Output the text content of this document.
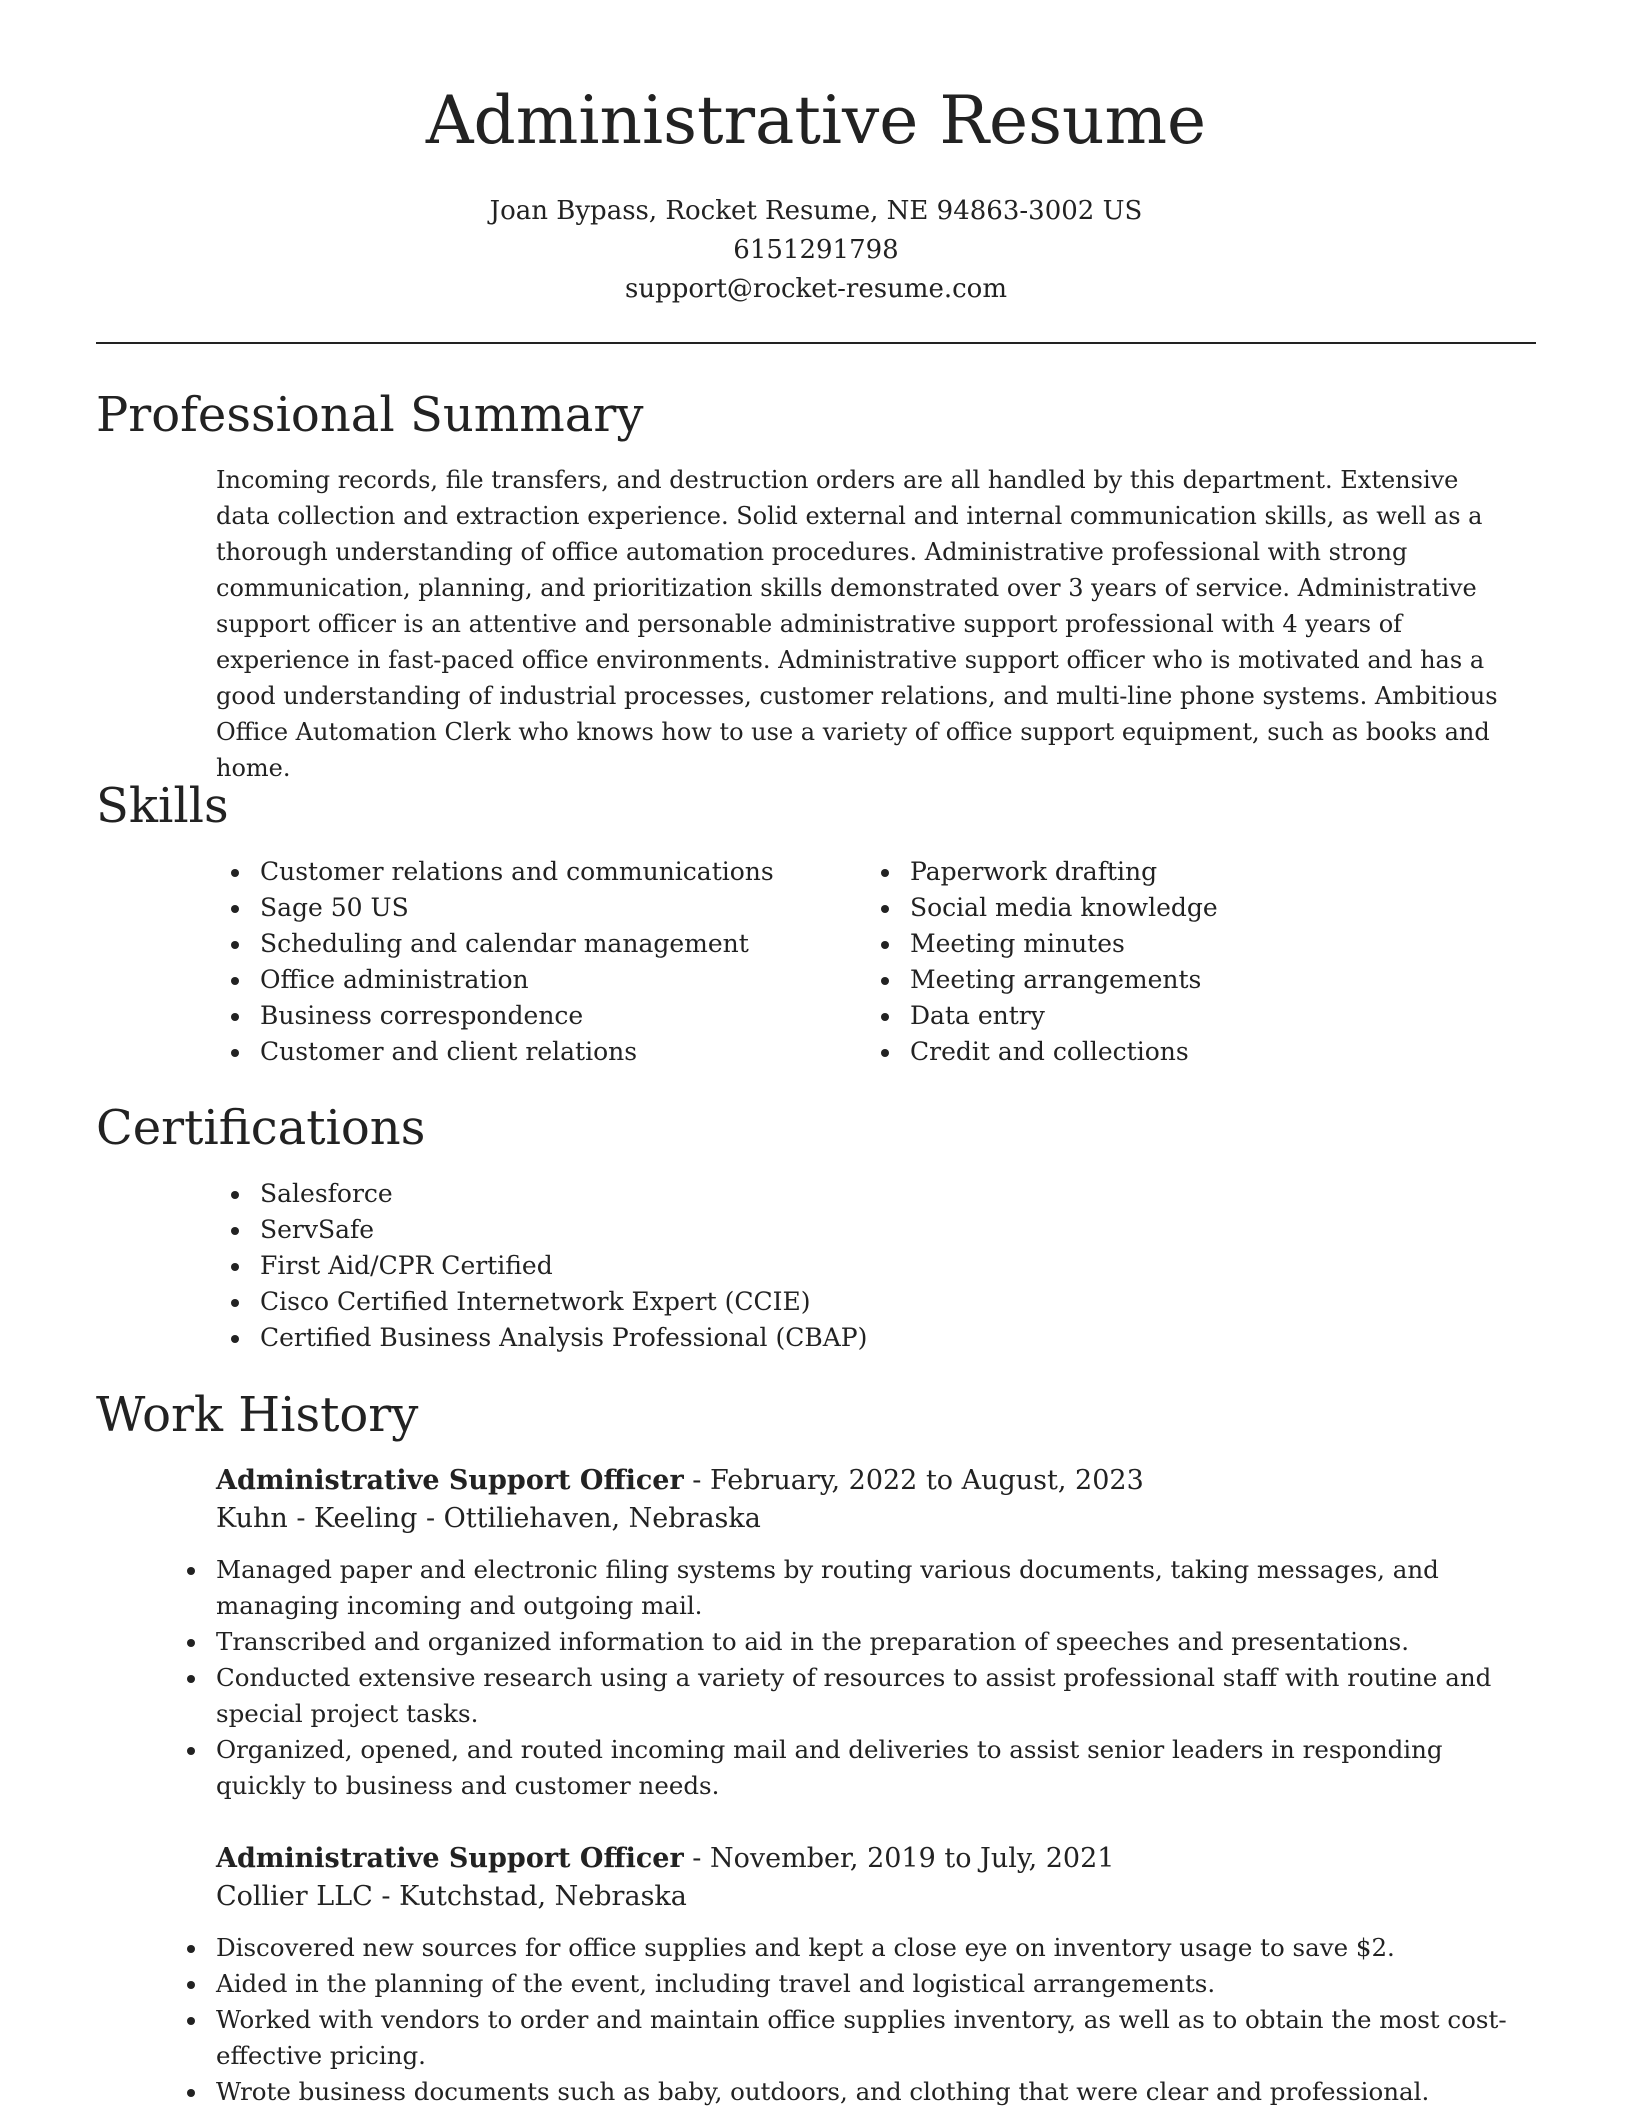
Administrative Resume
Joan Bypass, Rocket Resume, NE 94863-3002 US
6151291798
support@rocket-resume.com
Professional Summary

Incoming records, file transfers, and destruction orders are all handled by this department. Extensive data collection and extraction experience. Solid external and internal communication skills, as well as a thorough understanding of office automation procedures. Administrative professional with strong communication, planning, and prioritization skills demonstrated over 3 years of service. Administrative support officer is an attentive and personable administrative support professional with 4 years of experience in fast-paced office environments. Administrative support officer who is motivated and has a good understanding of industrial processes, customer relations, and multi-line phone systems. Ambitious Office Automation Clerk who knows how to use a variety of office support equipment, such as books and home.

Skills
Customer relations and communications
Sage 50 US
Scheduling and calendar management
Office administration
Business correspondence
Customer and client relations
Paperwork drafting
Social media knowledge
Meeting minutes
Meeting arrangements
Data entry
Credit and collections
Certifications
Salesforce
ServSafe
First Aid/CPR Certified
Cisco Certified Internetwork Expert (CCIE)
Certified Business Analysis Professional (CBAP)
Work History
Administrative Support Officer - February, 2022 to August, 2023
Kuhn - Keeling - Ottiliehaven, Nebraska
Managed paper and electronic filing systems by routing various documents, taking messages, and managing incoming and outgoing mail.
Transcribed and organized information to aid in the preparation of speeches and presentations.
Conducted extensive research using a variety of resources to assist professional staff with routine and special project tasks.
Organized, opened, and routed incoming mail and deliveries to assist senior leaders in responding quickly to business and customer needs.
Administrative Support Officer - November, 2019 to July, 2021
Collier LLC - Kutchstad, Nebraska
Discovered new sources for office supplies and kept a close eye on inventory usage to save $2.
Aided in the planning of the event, including travel and logistical arrangements.
Worked with vendors to order and maintain office supplies inventory, as well as to obtain the most cost-effective pricing.
Wrote business documents such as baby, outdoors, and clothing that were clear and professional.
